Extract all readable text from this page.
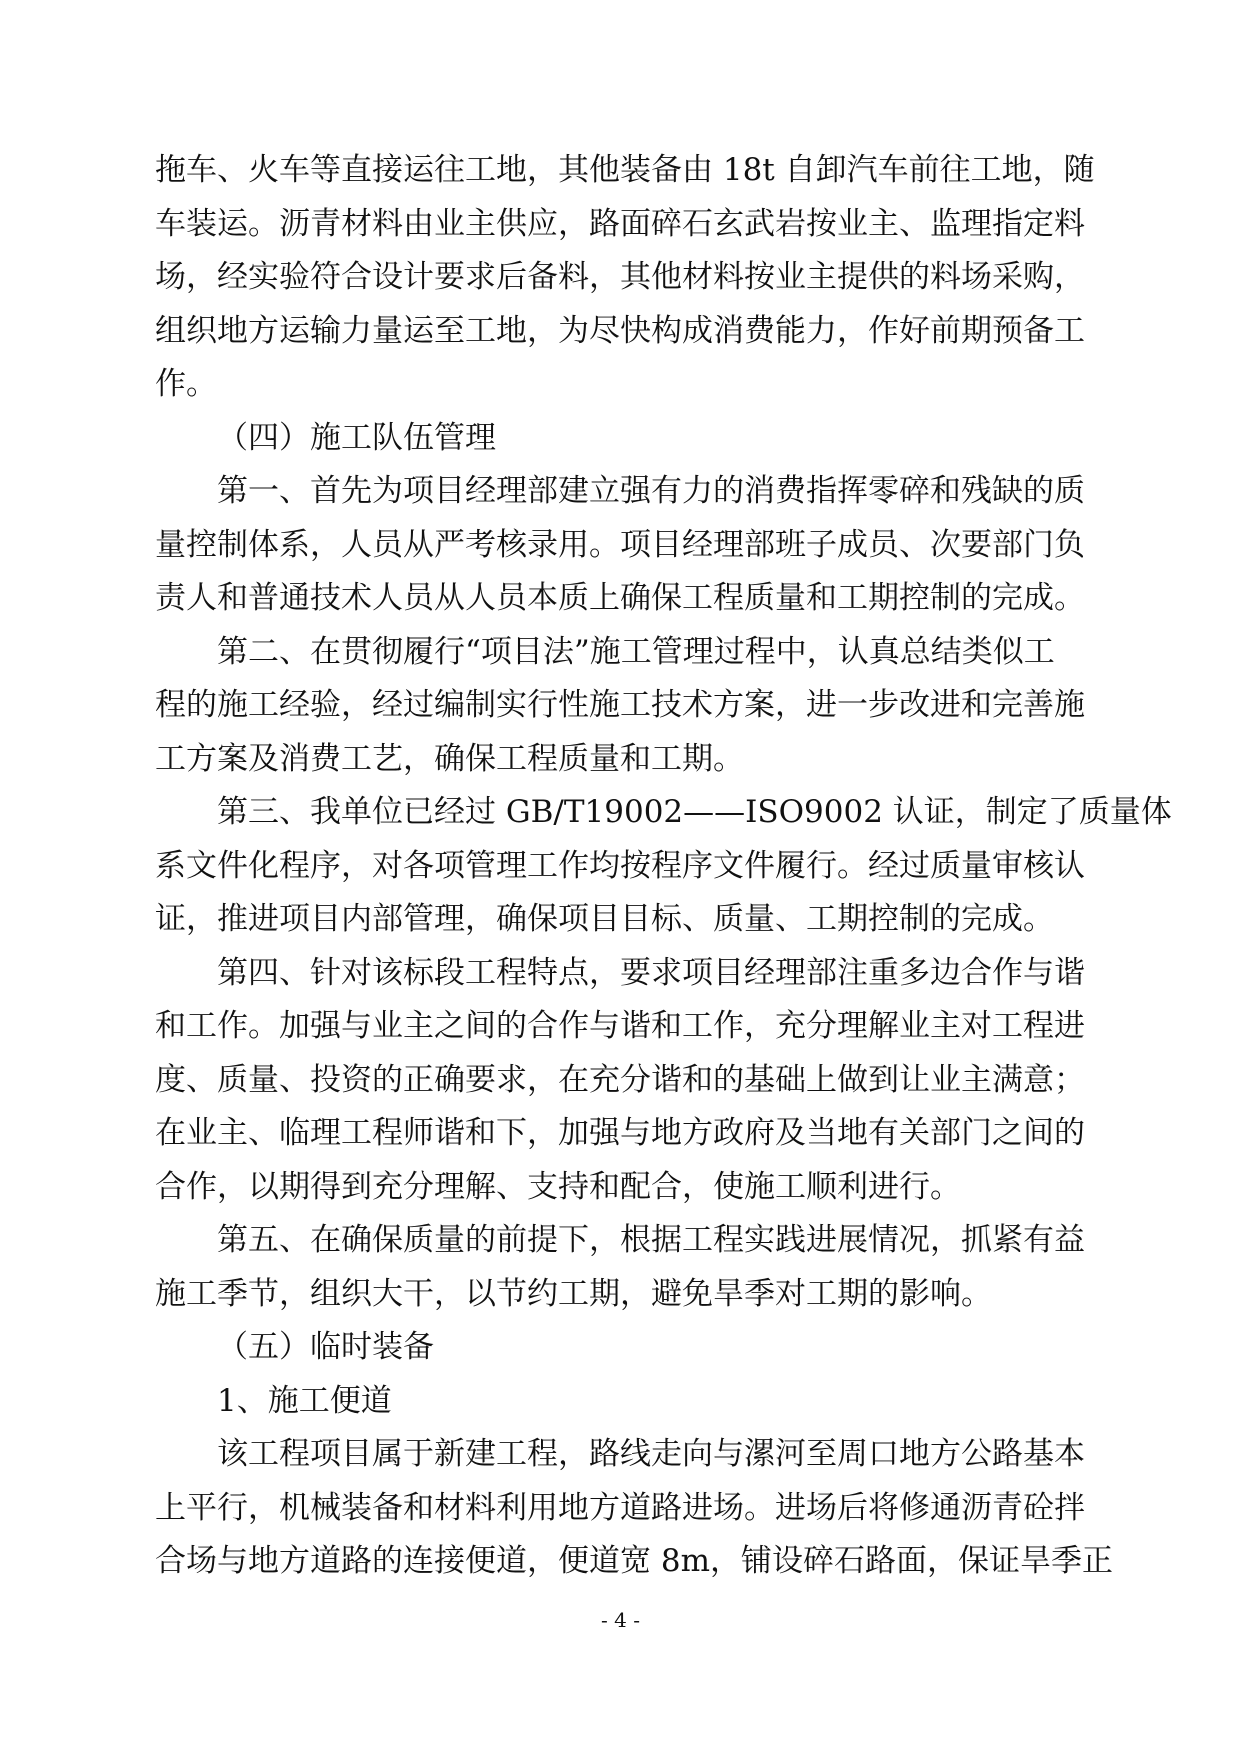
拖车、火车等直接运往工地，其他装备由 18t 自卸汽车前往工地，随
车装运。沥青材料由业主供应，路面碎石玄武岩按业主、监理指定料
场，经实验符合设计要求后备料，其他材料按业主提供的料场采购，
组织地方运输力量运至工地，为尽快构成消费能力，作好前期预备工
作。
（四）施工队伍管理
第一、首先为项目经理部建立强有力的消费指挥零碎和残缺的质
量控制体系，人员从严考核录用。项目经理部班子成员、次要部门负
责人和普通技术人员从人员本质上确保工程质量和工期控制的完成。
第二、在贯彻履行“项目法”施工管理过程中，认真总结类似工
程的施工经验，经过编制实行性施工技术方案，进一步改进和完善施
工方案及消费工艺，确保工程质量和工期。
第三、我单位已经过 GB/T19002——ISO9002 认证，制定了质量体
系文件化程序，对各项管理工作均按程序文件履行。经过质量审核认
证，推进项目内部管理，确保项目目标、质量、工期控制的完成。
第四、针对该标段工程特点，要求项目经理部注重多边合作与谐
和工作。加强与业主之间的合作与谐和工作，充分理解业主对工程进
度、质量、投资的正确要求，在充分谐和的基础上做到让业主满意；
在业主、临理工程师谐和下，加强与地方政府及当地有关部门之间的
合作，以期得到充分理解、支持和配合，使施工顺利进行。
第五、在确保质量的前提下，根据工程实践进展情况，抓紧有益
施工季节，组织大干，以节约工期，避免旱季对工期的影响。
（五）临时装备
1、施工便道
该工程项目属于新建工程，路线走向与漯河至周口地方公路基本
上平行，机械装备和材料利用地方道路进场。进场后将修通沥青砼拌
合场与地方道路的连接便道，便道宽 8m，铺设碎石路面，保证旱季正
- 4 -
